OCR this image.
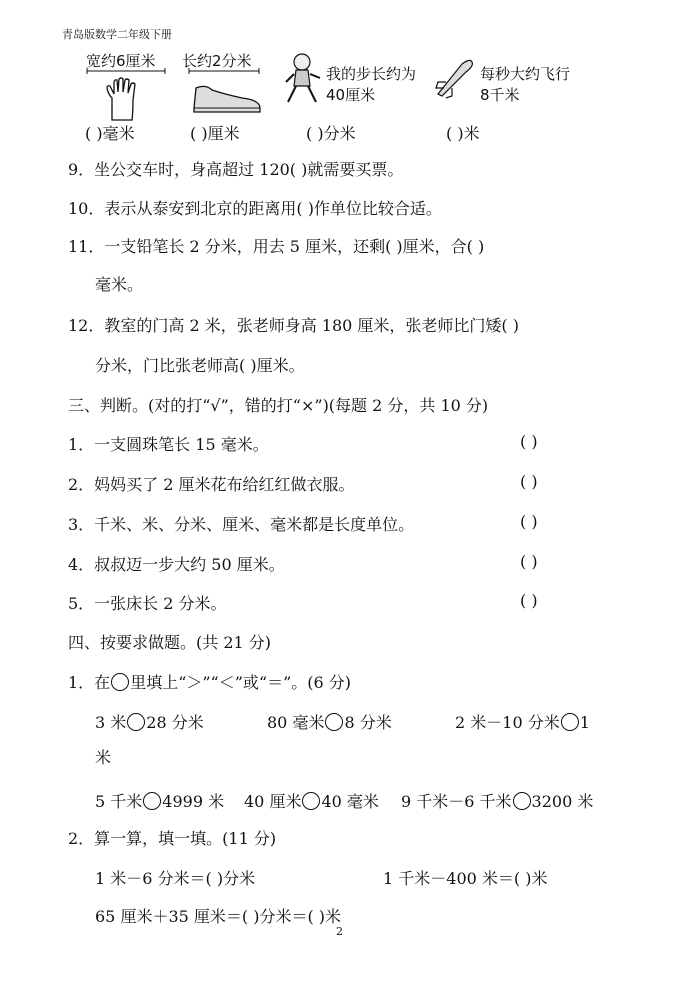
青岛版数学二年级下册
宽约6厘米 长约2分米
我的步长约为
40厘米
每秒大约飞行
8千米
( )毫米	( )厘米	( )分米	( )米
9．坐公交车时，身高超过 120( )就需要买票。
10．表示从泰安到北京的距离用( )作单位比较合适。
11．一支铅笔长 2 分米，用去 5 厘米，还剩( )厘米，合( )
毫米。
12．教室的门高 2 米，张老师身高 180 厘米，张老师比门矮( )
分米，门比张老师高( )厘米。
三、判断。(对的打“√”，错的打“×”)(每题 2 分，共 10 分)
1．一支圆珠笔长 15 毫米。	( )
2．妈妈买了 2 厘米花布给红红做衣服。	( )
3．千米、米、分米、厘米、毫米都是长度单位。	( )
4．叔叔迈一步大约 50 厘米。	( )
5．一张床长 2 分米。	( )
四、按要求做题。(共 21 分)
1．在 里填上“＞”“＜”或“＝”。(6 分)
3 米 28 分米	80 毫米 8 分米	2 米－10 分米 1
米
5 千米 4999 米 40 厘米 40 毫米 9 千米－6 千米 3200 米
2．算一算，填一填。(11 分)
1 米－6 分米＝( )分米	1 千米－400 米＝( )米
65 厘米＋35 厘米＝( )分米＝( )米
2
